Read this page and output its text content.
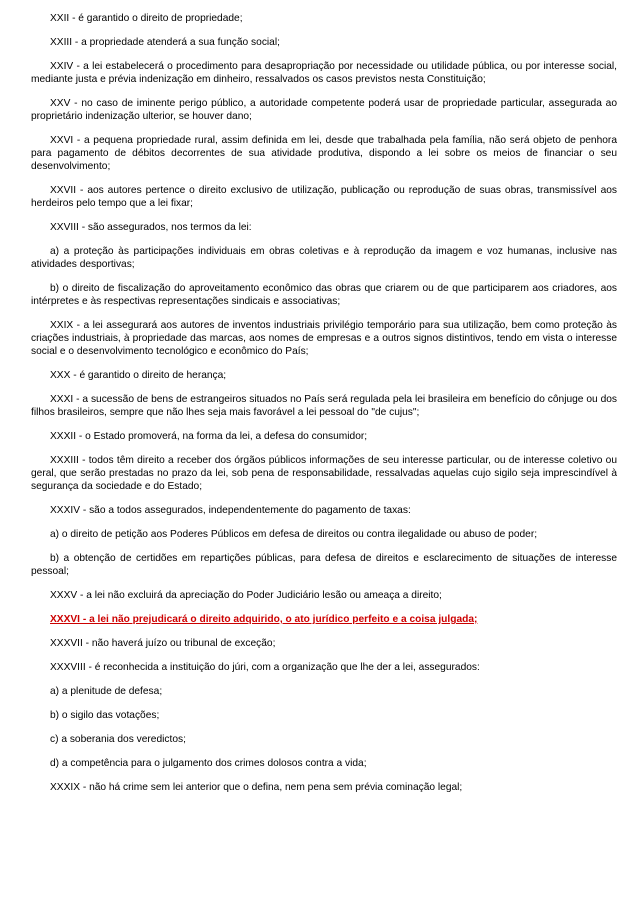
XXII - é garantido o direito de propriedade;

XXIII - a propriedade atenderá a sua função social;

XXIV - a lei estabelecerá o procedimento para desapropriação por necessidade ou utilidade pública, ou por interesse social, mediante justa e prévia indenização em dinheiro, ressalvados os casos previstos nesta Constituição;

XXV - no caso de iminente perigo público, a autoridade competente poderá usar de propriedade particular, assegurada ao proprietário indenização ulterior, se houver dano;

XXVI - a pequena propriedade rural, assim definida em lei, desde que trabalhada pela família, não será objeto de penhora para pagamento de débitos decorrentes de sua atividade produtiva, dispondo a lei sobre os meios de financiar o seu desenvolvimento;

XXVII - aos autores pertence o direito exclusivo de utilização, publicação ou reprodução de suas obras, transmissível aos herdeiros pelo tempo que a lei fixar;

XXVIII - são assegurados, nos termos da lei:

a) a proteção às participações individuais em obras coletivas e à reprodução da imagem e voz humanas, inclusive nas atividades desportivas;

b) o direito de fiscalização do aproveitamento econômico das obras que criarem ou de que participarem aos criadores, aos intérpretes e às respectivas representações sindicais e associativas;

XXIX - a lei assegurará aos autores de inventos industriais privilégio temporário para sua utilização, bem como proteção às criações industriais, à propriedade das marcas, aos nomes de empresas e a outros signos distintivos, tendo em vista o interesse social e o desenvolvimento tecnológico e econômico do País;

XXX - é garantido o direito de herança;

XXXI - a sucessão de bens de estrangeiros situados no País será regulada pela lei brasileira em benefício do cônjuge ou dos filhos brasileiros, sempre que não lhes seja mais favorável a lei pessoal do "de cujus";

XXXII - o Estado promoverá, na forma da lei, a defesa do consumidor;

XXXIII - todos têm direito a receber dos órgãos públicos informações de seu interesse particular, ou de interesse coletivo ou geral, que serão prestadas no prazo da lei, sob pena de responsabilidade, ressalvadas aquelas cujo sigilo seja imprescindível à segurança da sociedade e do Estado;

XXXIV - são a todos assegurados, independentemente do pagamento de taxas:

a) o direito de petição aos Poderes Públicos em defesa de direitos ou contra ilegalidade ou abuso de poder;

b) a obtenção de certidões em repartições públicas, para defesa de direitos e esclarecimento de situações de interesse pessoal;

XXXV - a lei não excluirá da apreciação do Poder Judiciário lesão ou ameaça a direito;

XXXVI - a lei não prejudicará o direito adquirido, o ato jurídico perfeito e a coisa julgada;

XXXVII - não haverá juízo ou tribunal de exceção;

XXXVIII - é reconhecida a instituição do júri, com a organização que lhe der a lei, assegurados:

a) a plenitude de defesa;

b) o sigilo das votações;

c) a soberania dos veredictos;

d) a competência para o julgamento dos crimes dolosos contra a vida;

XXXIX - não há crime sem lei anterior que o defina, nem pena sem prévia cominação legal;
